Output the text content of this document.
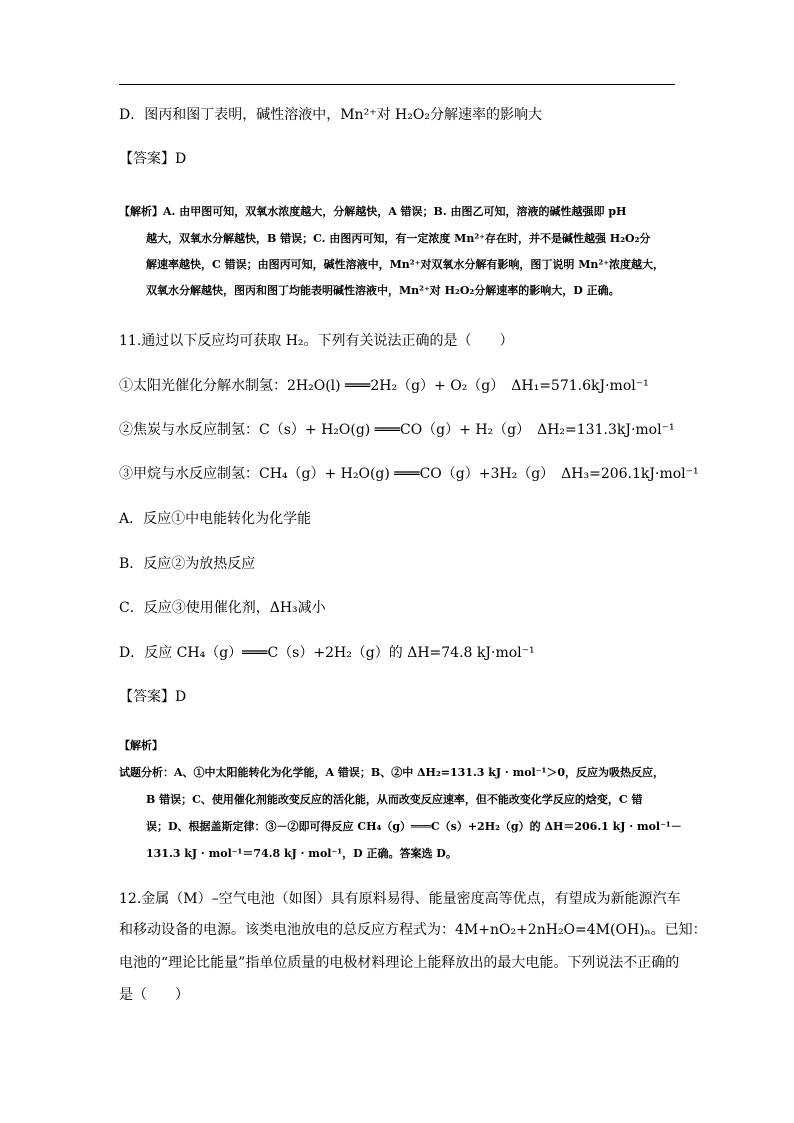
D．图丙和图丁表明，碱性溶液中，Mn²⁺对 H₂O₂分解速率的影响大
【答案】D
【解析】A. 由甲图可知，双氧水浓度越大，分解越快，A 错误；B. 由图乙可知，溶液的碱性越强即 pH
越大，双氧水分解越快，B 错误；C. 由图丙可知，有一定浓度 Mn²⁺存在时，并不是碱性越强 H₂O₂分
解速率越快，C 错误；由图丙可知，碱性溶液中，Mn²⁺对双氧水分解有影响，图丁说明 Mn²⁺浓度越大，
双氧水分解越快，图丙和图丁均能表明碱性溶液中，Mn²⁺对 H₂O₂分解速率的影响大，D 正确。
11.通过以下反应均可获取 H₂。下列有关说法正确的是（　　）
①太阳光催化分解水制氢：2H₂O(l) ═══2H₂（g）+ O₂（g）　ΔH₁=571.6kJ·mol⁻¹
②焦炭与水反应制氢：C（s）+ H₂O(g) ═══CO（g）+ H₂（g）　ΔH₂=131.3kJ·mol⁻¹
③甲烷与水反应制氢：CH₄（g）+ H₂O(g) ═══CO（g）+3H₂（g）　ΔH₃=206.1kJ·mol⁻¹
A．反应①中电能转化为化学能
B．反应②为放热反应
C．反应③使用催化剂，ΔH₃减小
D．反应 CH₄（g）═══C（s）+2H₂（g）的 ΔH=74.8 kJ·mol⁻¹
【答案】D
【解析】
试题分析：A、①中太阳能转化为化学能，A 错误；B、②中 ΔH₂=131.3 kJ · mol⁻¹＞0，反应为吸热反应，
B 错误；C、使用催化剂能改变反应的活化能，从而改变反应速率，但不能改变化学反应的焓变，C 错
误；D、根据盖斯定律：③－②即可得反应 CH₄（g）═══C（s）+2H₂（g）的 ΔH＝206.1 kJ · mol⁻¹－
131.3 kJ · mol⁻¹＝74.8 kJ · mol⁻¹，D 正确。答案选 D。
12.金属（M）–空气电池（如图）具有原料易得、能量密度高等优点，有望成为新能源汽车
和移动设备的电源。该类电池放电的总反应方程式为：4M+nO₂+2nH₂O=4M(OH)ₙ。已知：
电池的“理论比能量”指单位质量的电极材料理论上能释放出的最大电能。下列说法不正确的
是（　　）
